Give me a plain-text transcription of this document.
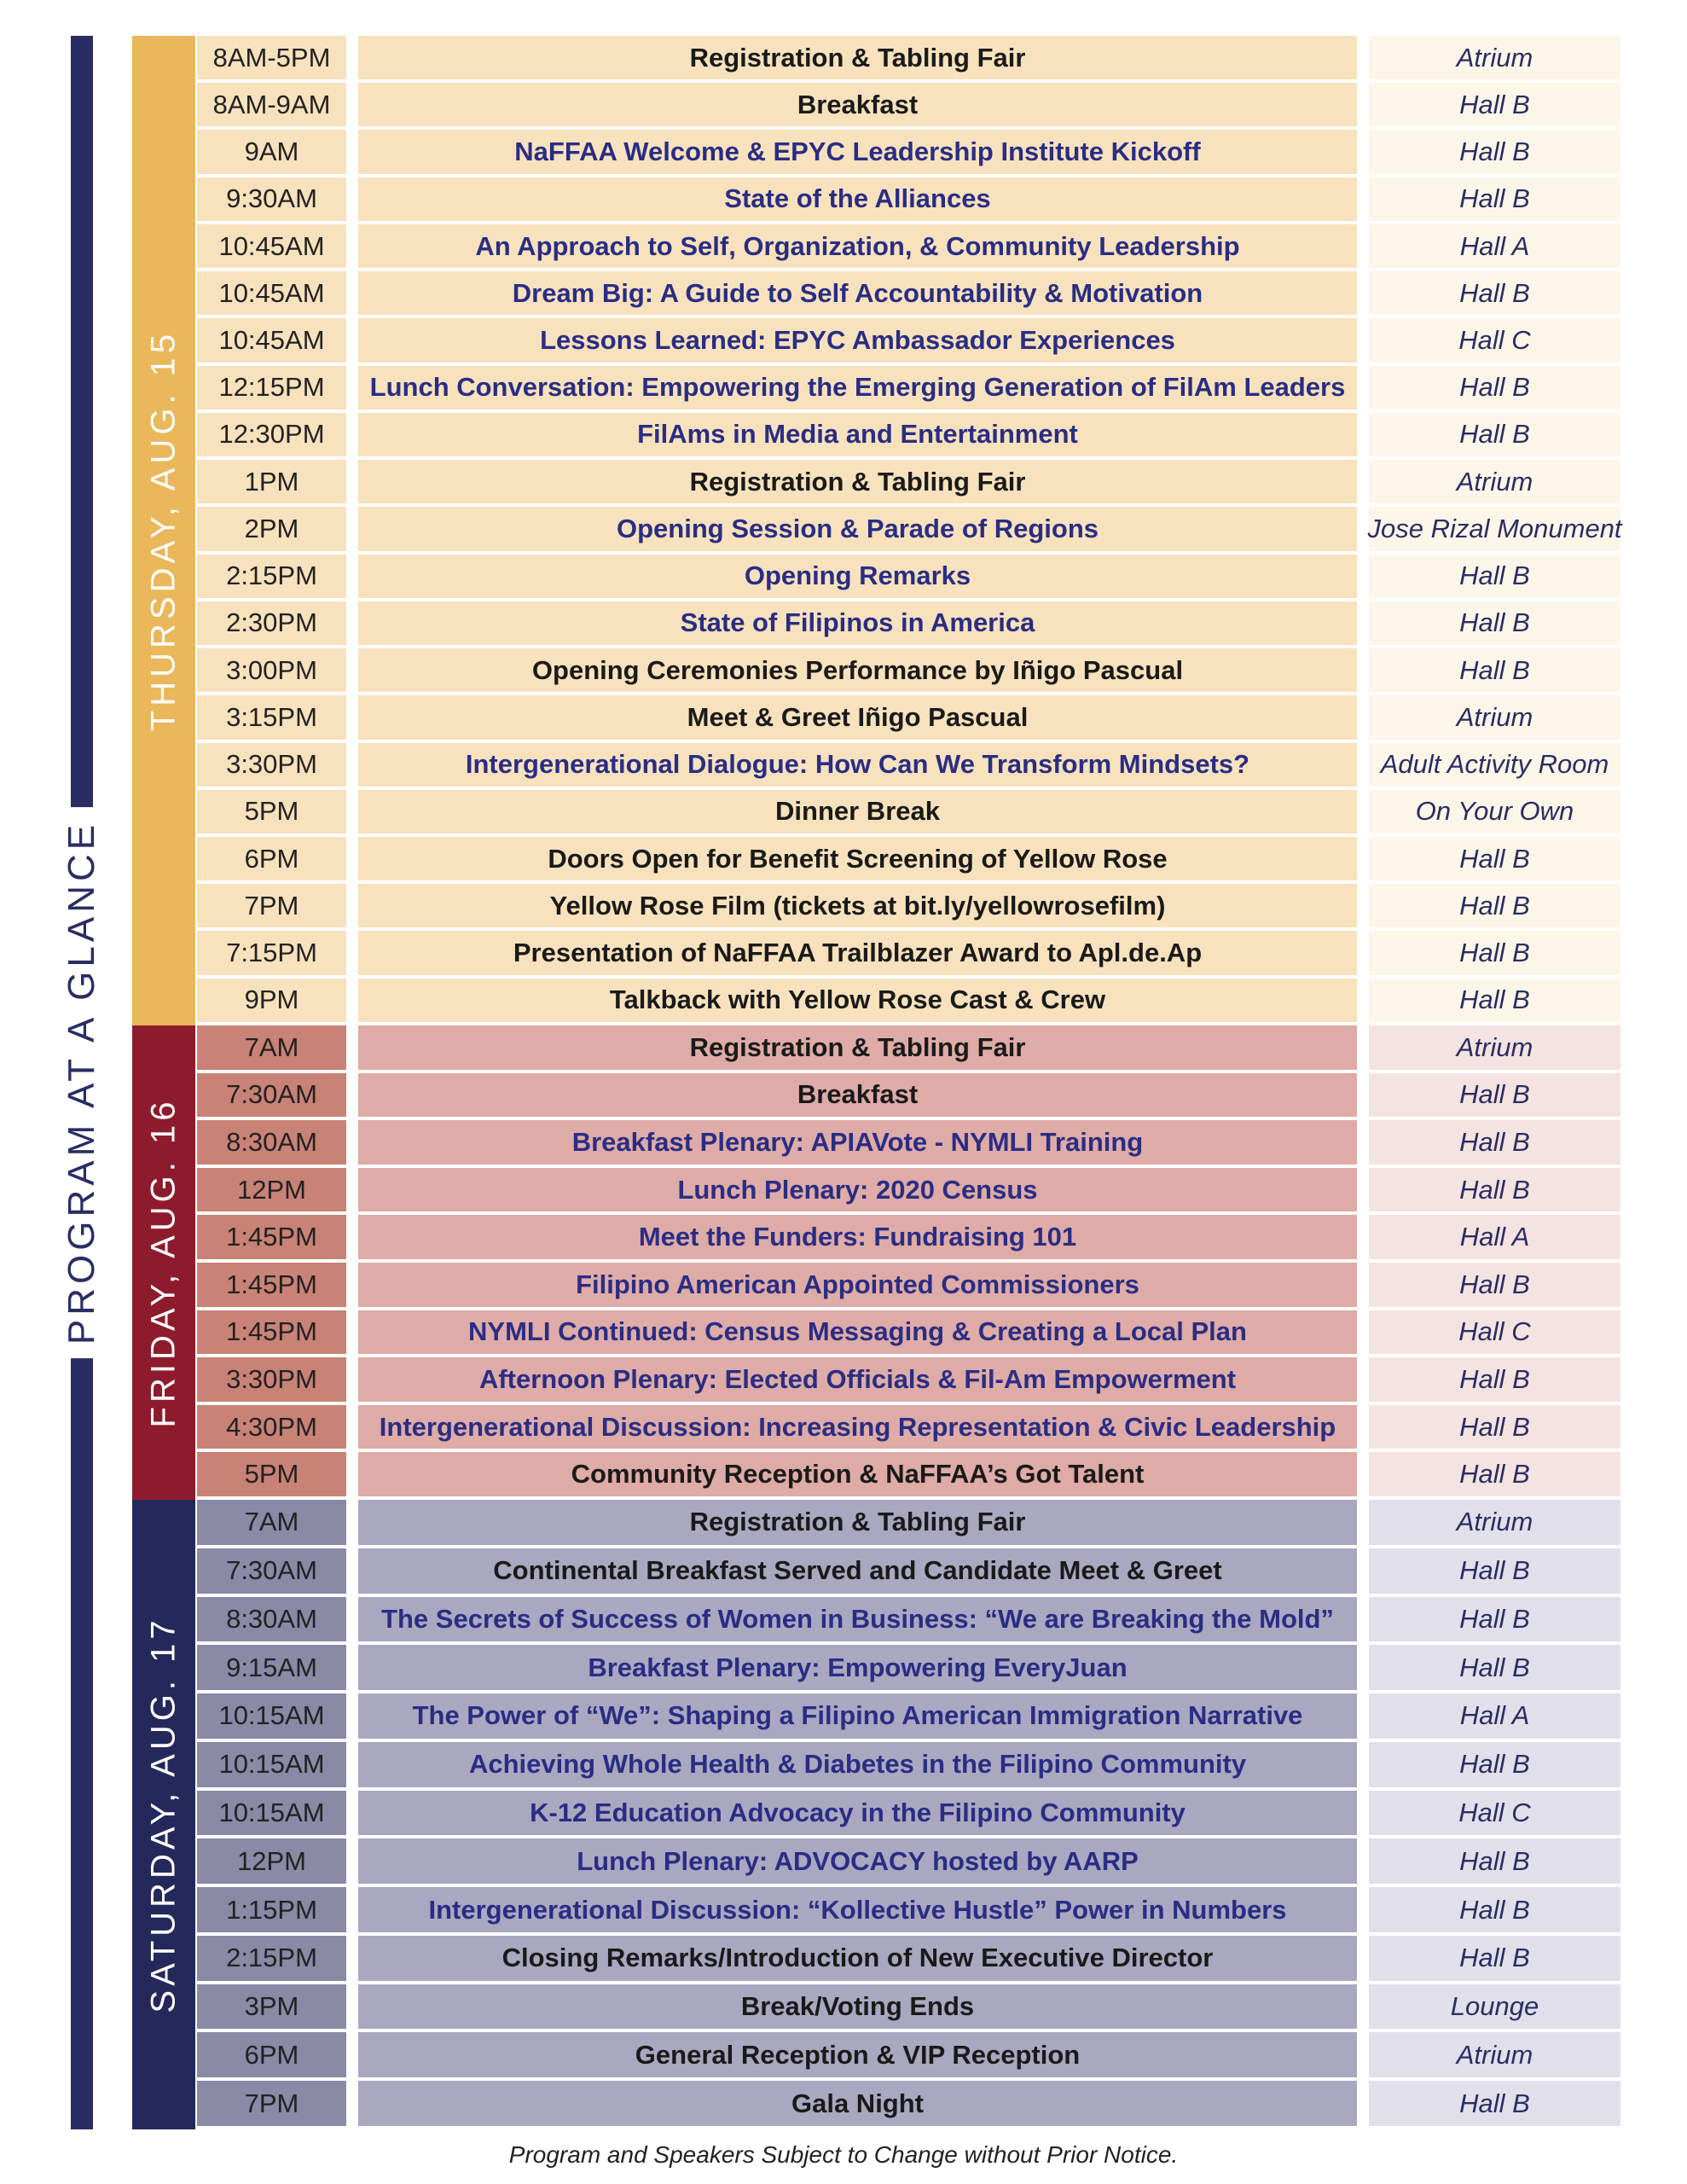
PROGRAM AT A GLANCE
THURSDAY, AUG. 15
8AM-5PM	Registration & Tabling Fair	Atrium
8AM-9AM	Breakfast	Hall B
9AM	NaFFAA Welcome & EPYC Leadership Institute Kickoff	Hall B
9:30AM	State of the Alliances	Hall B
10:45AM	An Approach to Self, Organization, & Community Leadership	Hall A
10:45AM	Dream Big: A Guide to Self Accountability & Motivation	Hall B
10:45AM	Lessons Learned: EPYC Ambassador Experiences	Hall C
12:15PM	Lunch Conversation: Empowering the Emerging Generation of FilAm Leaders	Hall B
12:30PM	FilAms in Media and Entertainment	Hall B
1PM	Registration & Tabling Fair	Atrium
2PM	Opening Session & Parade of Regions	Jose Rizal Monument
2:15PM	Opening Remarks	Hall B
2:30PM	State of Filipinos in America	Hall B
3:00PM	Opening Ceremonies Performance by Iñigo Pascual	Hall B
3:15PM	Meet & Greet Iñigo Pascual	Atrium
3:30PM	Intergenerational Dialogue: How Can We Transform Mindsets?	Adult Activity Room
5PM	Dinner Break	On Your Own
6PM	Doors Open for Benefit Screening of Yellow Rose	Hall B
7PM	Yellow Rose Film (tickets at bit.ly/yellowrosefilm)	Hall B
7:15PM	Presentation of NaFFAA Trailblazer Award to Apl.de.Ap	Hall B
9PM	Talkback with Yellow Rose Cast & Crew	Hall B
FRIDAY, AUG. 16
7AM	Registration & Tabling Fair	Atrium
7:30AM	Breakfast	Hall B
8:30AM	Breakfast Plenary: APIAVote - NYMLI Training	Hall B
12PM	Lunch Plenary: 2020 Census	Hall B
1:45PM	Meet the Funders: Fundraising 101	Hall A
1:45PM	Filipino American Appointed Commissioners	Hall B
1:45PM	NYMLI Continued: Census Messaging & Creating a Local Plan	Hall C
3:30PM	Afternoon Plenary: Elected Officials & Fil-Am Empowerment	Hall B
4:30PM	Intergenerational Discussion: Increasing Representation & Civic Leadership	Hall B
5PM	Community Reception & NaFFAA’s Got Talent	Hall B
SATURDAY, AUG. 17
7AM	Registration & Tabling Fair	Atrium
7:30AM	Continental Breakfast Served and Candidate Meet & Greet	Hall B
8:30AM	The Secrets of Success of Women in Business: “We are Breaking the Mold”	Hall B
9:15AM	Breakfast Plenary: Empowering EveryJuan	Hall B
10:15AM	The Power of “We”: Shaping a Filipino American Immigration Narrative	Hall A
10:15AM	Achieving Whole Health & Diabetes in the Filipino Community	Hall B
10:15AM	K-12 Education Advocacy in the Filipino Community	Hall C
12PM	Lunch Plenary: ADVOCACY hosted by AARP	Hall B
1:15PM	Intergenerational Discussion: “Kollective Hustle” Power in Numbers	Hall B
2:15PM	Closing Remarks/Introduction of New Executive Director	Hall B
3PM	Break/Voting Ends	Lounge
6PM	General Reception & VIP Reception	Atrium
7PM	Gala Night	Hall B
Program and Speakers Subject to Change without Prior Notice.
